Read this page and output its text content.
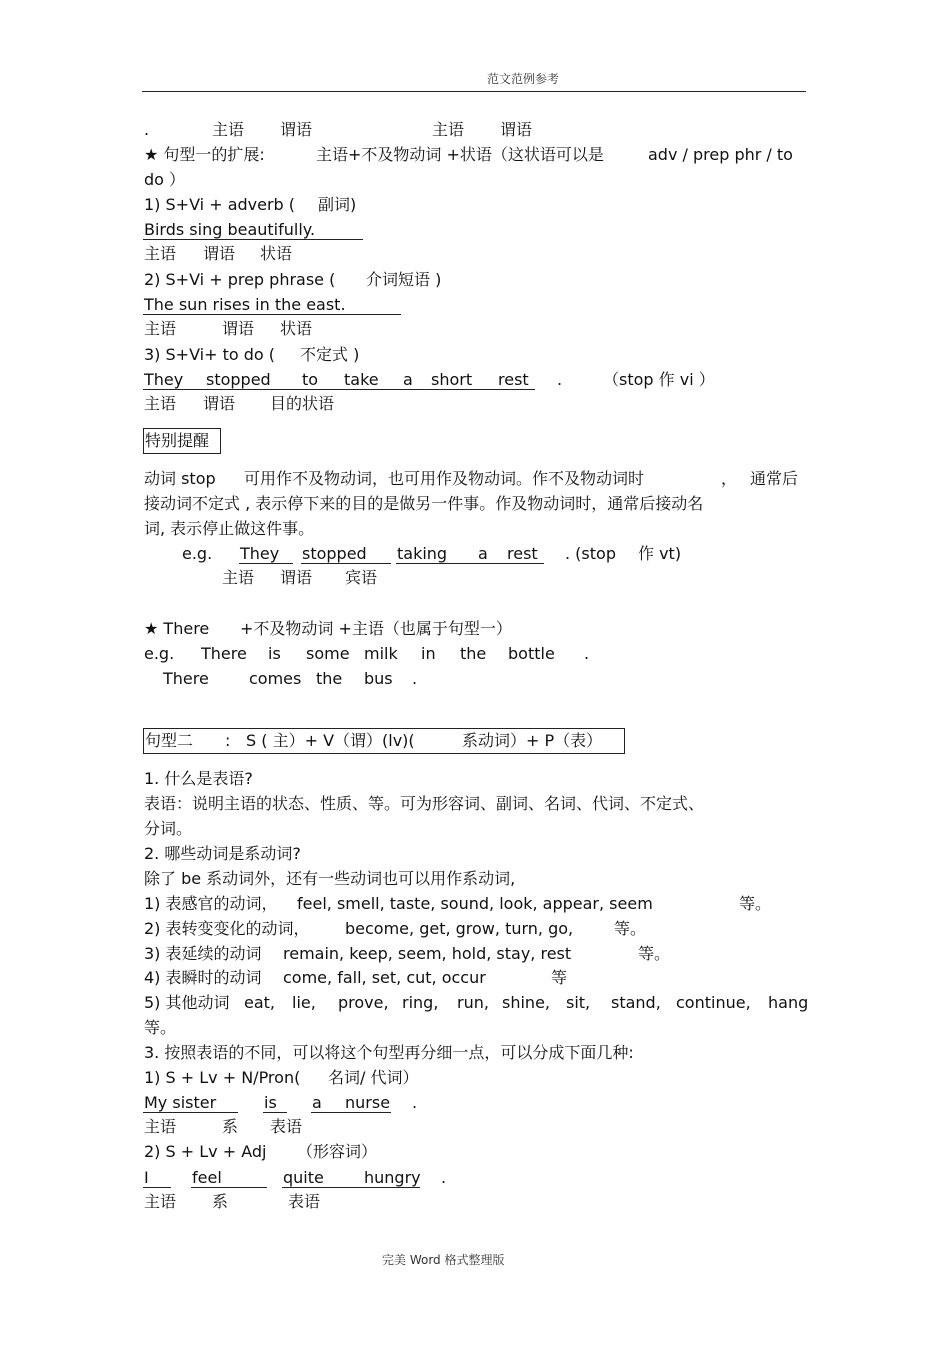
范文范例参考
.	主语 谓语	主语 谓语
★ 句型一的扩展:	主语+不及物动词 +状语（这状语可以是	adv / prep phr / to
do ）
1) S+Vi + adverb ( 副词)
Birds sing beautifully.
主语 谓语 状语
2) S+Vi + prep phrase ( 介词短语 )
The sun rises in the east.
主语	谓语 状语
3) S+Vi+ to do ( 不定式 )
They stopped to take a short rest .	（stop 作 vi ）
主语 谓语 目的状语
特别提醒
动词 stop 可用作不及物动词，也可用作及物动词。作不及物动词时	， 通常后
接动词不定式 , 表示停下来的目的是做另一件事。作及物动词时，通常后接动名
词, 表示停止做这件事。
e.g. They stopped taking a rest . (stop 作 vt)
主语 谓语 宾语
★ There +不及物动词 +主语（也属于句型一）
e.g. There is some milk in the bottle .
There	comes the bus .
句型二 : S ( 主）+ V（谓）(lv)(	系动词）+ P（表）
1. 什么是表语?
表语：说明主语的状态、性质、等。可为形容词、副词、名词、代词、不定式、
分词。
2. 哪些动词是系动词?
除了 be 系动词外，还有一些动词也可以用作系动词,
1) 表感官的动词， feel, smell, taste, sound, look, appear, seem	等。
2) 表转变变化的动词， become, get, grow, turn, go,	等。
3) 表延续的动词 remain, keep, seem, hold, stay, rest	等。
4) 表瞬时的动词 come, fall, set, cut, occur	等
5) 其他动词 eat, lie, prove, ring, run, shine, sit, stand, continue, hang
等。
3. 按照表语的不同，可以将这个句型再分细一点，可以分成下面几种:
1) S + Lv + N/Pron( 名词/ 代词）
My sister	is a nurse .
主语	系 表语
2) S + Lv + Adj （形容词）
I	feel	quite	hungry .
主语 系	表语
完美 Word 格式整理版
